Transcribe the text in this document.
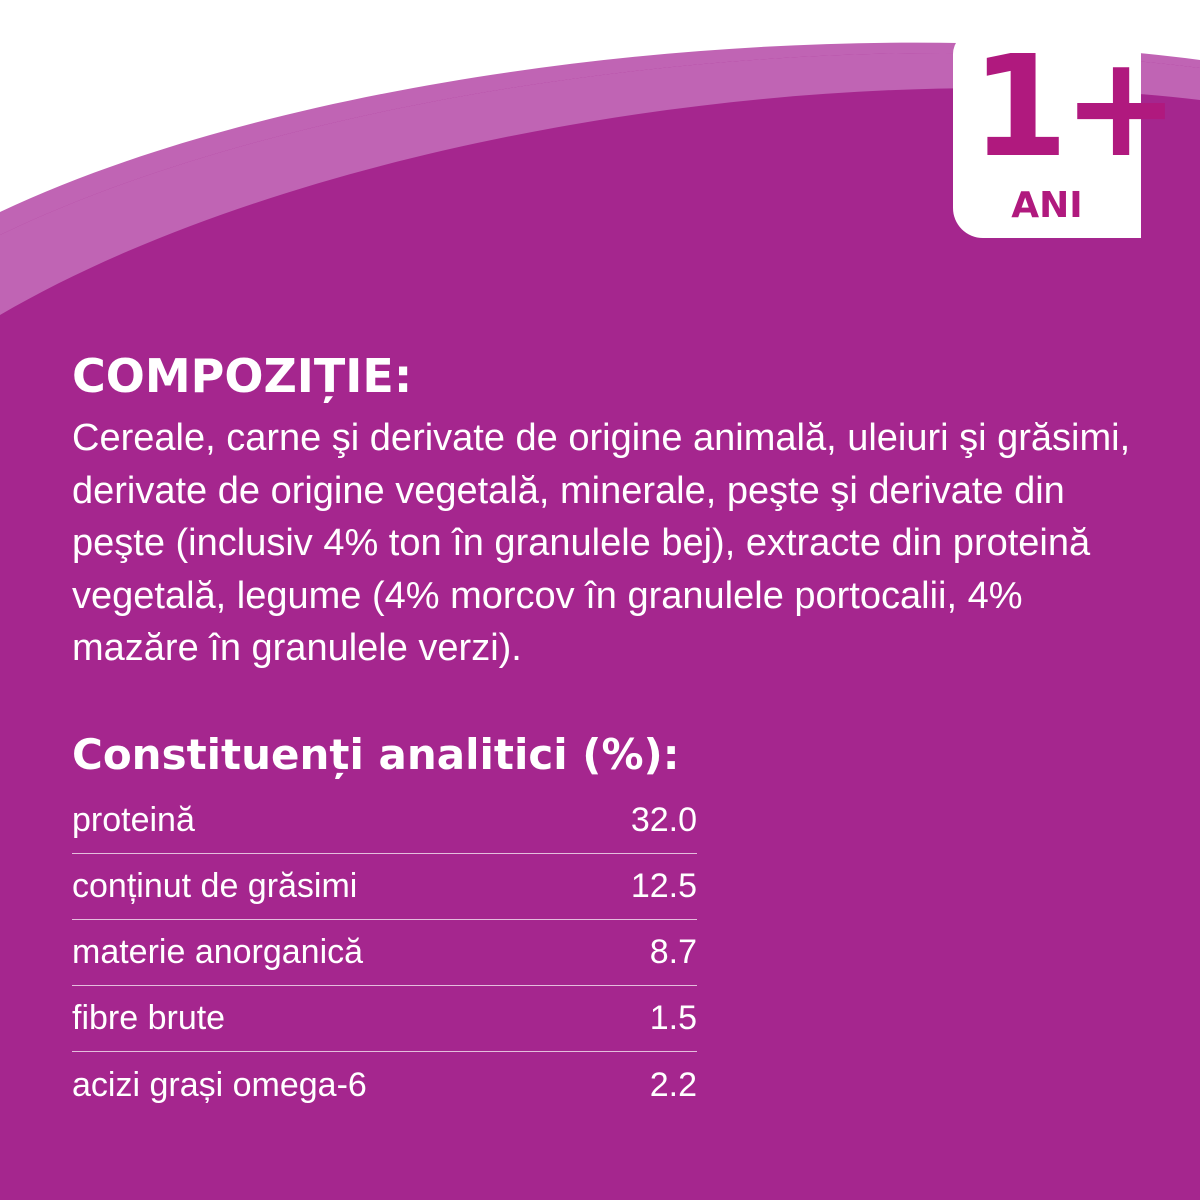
1+
ANI
COMPOZIȚIE:

Cereale, carne şi derivate de origine animală, uleiuri şi grăsimi, derivate de origine vegetală, minerale, peşte şi derivate din peşte (inclusiv 4% ton în granulele bej), extracte din proteină vegetală, legume (4% morcov în granulele portocalii, 4% mazăre în granulele verzi).

Constituenți analitici (%):
proteină	32.0
conținut de grăsimi	12.5
materie anorganică	8.7
fibre brute	1.5
acizi grași omega-6	2.2
